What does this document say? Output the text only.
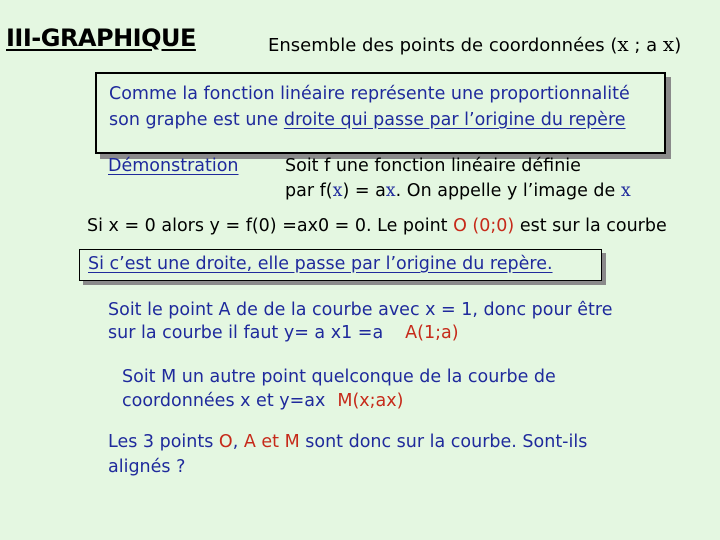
III-GRAPHIQUE	Ensemble des points de coordonnées (x ; a x)
Comme la fonction linéaire représente une proportionnalité
son graphe est une droite qui passe par l’origine du repère
Démonstration	Soit f une fonction linéaire définie
par f(x) = ax. On appelle y l’image de x
Si x = 0 alors y = f(0) =ax0 = 0. Le point O (0;0) est sur la courbe
Si c’est une droite, elle passe par l’origine du repère.
Soit le point A de de la courbe avec x = 1, donc pour être
sur la courbe il faut y= a x1 =a A(1;a)
Soit M un autre point quelconque de la courbe de
coordonnées x et y=ax M(x;ax)
Les 3 points O, A et M sont donc sur la courbe. Sont-ils
alignés ?
